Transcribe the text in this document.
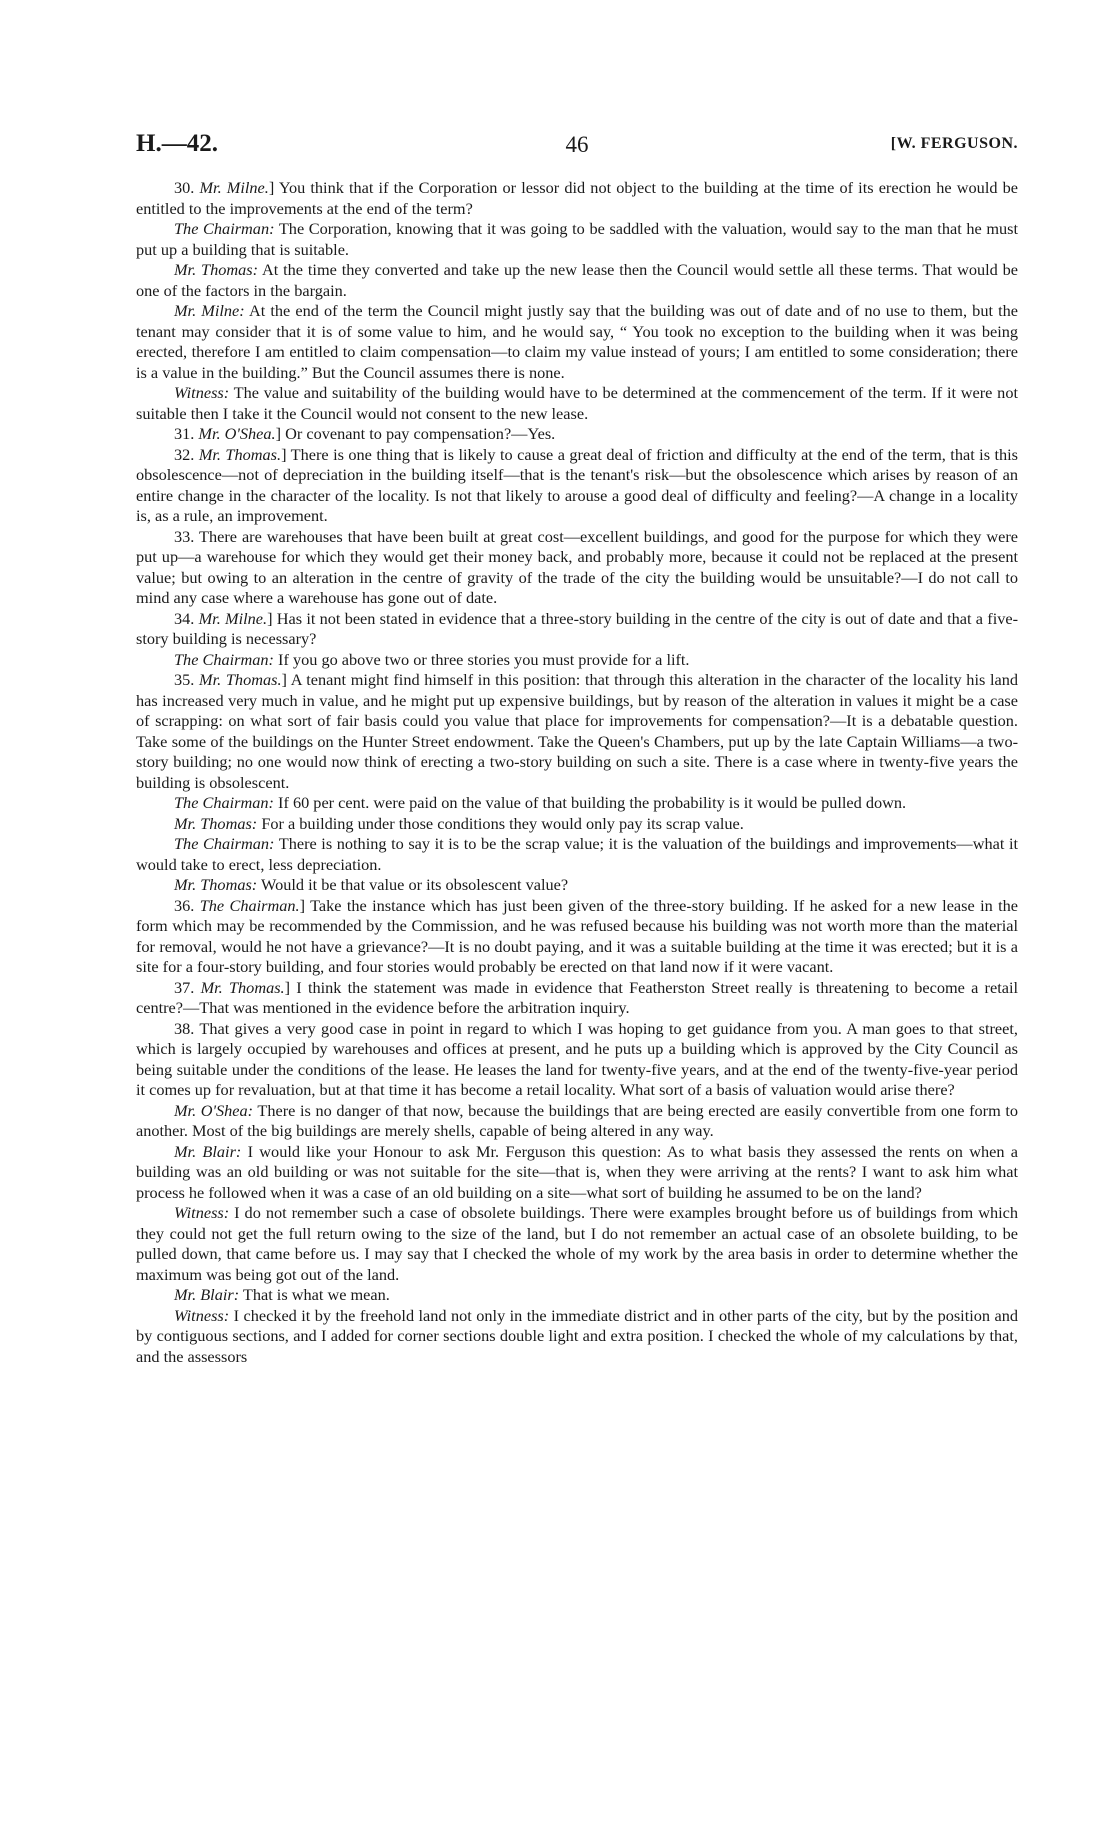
H.—42.	46	[W. FERGUSON.

30. Mr. Milne.] You think that if the Corporation or lessor did not object to the building at the time of its erection he would be entitled to the improvements at the end of the term?

The Chairman: The Corporation, knowing that it was going to be saddled with the valuation, would say to the man that he must put up a building that is suitable.

Mr. Thomas: At the time they converted and take up the new lease then the Council would settle all these terms. That would be one of the factors in the bargain.

Mr. Milne: At the end of the term the Council might justly say that the building was out of date and of no use to them, but the tenant may consider that it is of some value to him, and he would say, “ You took no exception to the building when it was being erected, therefore I am entitled to claim compensation—to claim my value instead of yours; I am entitled to some consideration; there is a value in the building.” But the Council assumes there is none.

Witness: The value and suitability of the building would have to be determined at the commencement of the term. If it were not suitable then I take it the Council would not consent to the new lease.

31. Mr. O'Shea.] Or covenant to pay compensation?—Yes.

32. Mr. Thomas.] There is one thing that is likely to cause a great deal of friction and difficulty at the end of the term, that is this obsolescence—not of depreciation in the building itself—that is the tenant's risk—but the obsolescence which arises by reason of an entire change in the character of the locality. Is not that likely to arouse a good deal of difficulty and feeling?—A change in a locality is, as a rule, an improvement.

33. There are warehouses that have been built at great cost—excellent buildings, and good for the purpose for which they were put up—a warehouse for which they would get their money back, and probably more, because it could not be replaced at the present value; but owing to an alteration in the centre of gravity of the trade of the city the building would be unsuitable?—I do not call to mind any case where a warehouse has gone out of date.

34. Mr. Milne.] Has it not been stated in evidence that a three-story building in the centre of the city is out of date and that a five-story building is necessary?

The Chairman: If you go above two or three stories you must provide for a lift.

35. Mr. Thomas.] A tenant might find himself in this position: that through this alteration in the character of the locality his land has increased very much in value, and he might put up expensive buildings, but by reason of the alteration in values it might be a case of scrapping: on what sort of fair basis could you value that place for improvements for compensation?—It is a debatable question. Take some of the buildings on the Hunter Street endowment. Take the Queen's Chambers, put up by the late Captain Williams—a two-story building; no one would now think of erecting a two-story building on such a site. There is a case where in twenty-five years the building is obsolescent.

The Chairman: If 60 per cent. were paid on the value of that building the probability is it would be pulled down.

Mr. Thomas: For a building under those conditions they would only pay its scrap value.

The Chairman: There is nothing to say it is to be the scrap value; it is the valuation of the buildings and improvements—what it would take to erect, less depreciation.

Mr. Thomas: Would it be that value or its obsolescent value?

36. The Chairman.] Take the instance which has just been given of the three-story building. If he asked for a new lease in the form which may be recommended by the Commission, and he was refused because his building was not worth more than the material for removal, would he not have a grievance?—It is no doubt paying, and it was a suitable building at the time it was erected; but it is a site for a four-story building, and four stories would probably be erected on that land now if it were vacant.

37. Mr. Thomas.] I think the statement was made in evidence that Featherston Street really is threatening to become a retail centre?—That was mentioned in the evidence before the arbitration inquiry.

38. That gives a very good case in point in regard to which I was hoping to get guidance from you. A man goes to that street, which is largely occupied by warehouses and offices at present, and he puts up a building which is approved by the City Council as being suitable under the conditions of the lease. He leases the land for twenty-five years, and at the end of the twenty-five-year period it comes up for revaluation, but at that time it has become a retail locality. What sort of a basis of valuation would arise there?

Mr. O'Shea: There is no danger of that now, because the buildings that are being erected are easily convertible from one form to another. Most of the big buildings are merely shells, capable of being altered in any way.

Mr. Blair: I would like your Honour to ask Mr. Ferguson this question: As to what basis they assessed the rents on when a building was an old building or was not suitable for the site—that is, when they were arriving at the rents? I want to ask him what process he followed when it was a case of an old building on a site—what sort of building he assumed to be on the land?

Witness: I do not remember such a case of obsolete buildings. There were examples brought before us of buildings from which they could not get the full return owing to the size of the land, but I do not remember an actual case of an obsolete building, to be pulled down, that came before us. I may say that I checked the whole of my work by the area basis in order to determine whether the maximum was being got out of the land.

Mr. Blair: That is what we mean.

Witness: I checked it by the freehold land not only in the immediate district and in other parts of the city, but by the position and by contiguous sections, and I added for corner sections double light and extra position. I checked the whole of my calculations by that, and the assessors
